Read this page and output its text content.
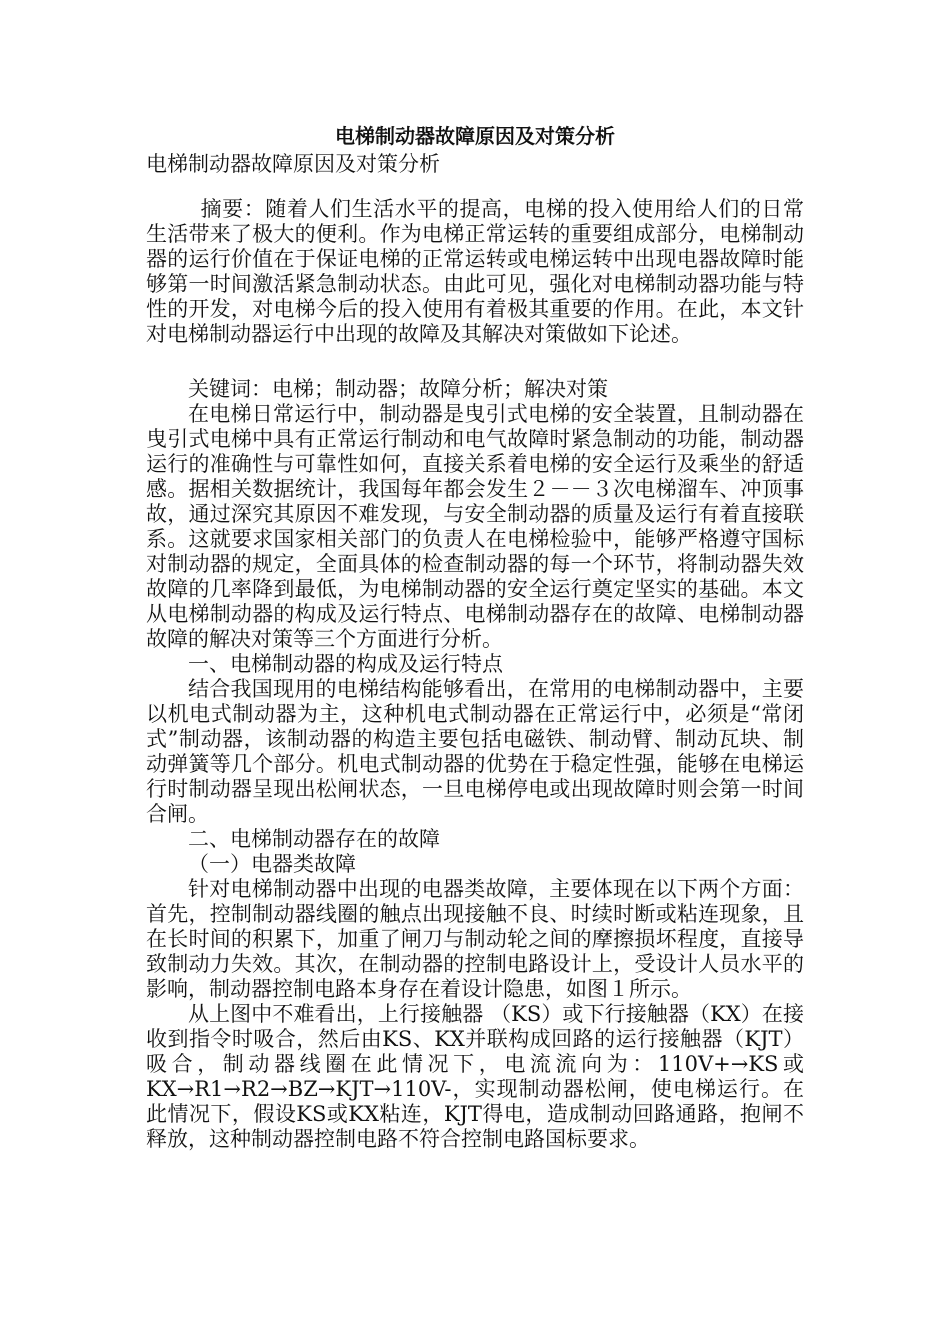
电梯制动器故障原因及对策分析
电梯制动器故障原因及对策分析

摘要：随着人们生活水平的提高，电梯的投入使用给人们的日常生活带来了极大的便利。作为电梯正常运转的重要组成部分，电梯制动器的运行价值在于保证电梯的正常运转或电梯运转中出现电器故障时能够第一时间激活紧急制动状态。由此可见，强化对电梯制动器功能与特性的开发，对电梯今后的投入使用有着极其重要的作用。在此，本文针对电梯制动器运行中出现的故障及其解决对策做如下论述。

关键词：电梯；制动器；故障分析；解决对策

在电梯日常运行中，制动器是曳引式电梯的安全装置，且制动器在曳引式电梯中具有正常运行制动和电气故障时紧急制动的功能，制动器运行的准确性与可靠性如何，直接关系着电梯的安全运行及乘坐的舒适感。据相关数据统计，我国每年都会发生２－－３次电梯溜车、冲顶事故，通过深究其原因不难发现，与安全制动器的质量及运行有着直接联系。这就要求国家相关部门的负责人在电梯检验中，能够严格遵守国标对制动器的规定，全面具体的检查制动器的每一个环节，将制动器失效故障的几率降到最低，为电梯制动器的安全运行奠定坚实的基础。本文从电梯制动器的构成及运行特点、电梯制动器存在的故障、电梯制动器故障的解决对策等三个方面进行分析。

一、电梯制动器的构成及运行特点

结合我国现用的电梯结构能够看出，在常用的电梯制动器中，主要以机电式制动器为主，这种机电式制动器在正常运行中，必须是“常闭式”制动器，该制动器的构造主要包括电磁铁、制动臂、制动瓦块、制动弹簧等几个部分。机电式制动器的优势在于稳定性强，能够在电梯运行时制动器呈现出松闸状态，一旦电梯停电或出现故障时则会第一时间合闸。

二、电梯制动器存在的故障

（一）电器类故障

针对电梯制动器中出现的电器类故障，主要体现在以下两个方面：首先，控制制动器线圈的触点出现接触不良、时续时断或粘连现象，且在长时间的积累下，加重了闸刀与制动轮之间的摩擦损坏程度，直接导致制动力失效。其次，在制动器的控制电路设计上，受设计人员水平的影响，制动器控制电路本身存在着设计隐患，如图１所示。

从上图中不难看出，上行接触器 （KS）或下行接触器（KX）在接收到指令时吸合，然后由KS、KX并联构成回路的运行接触器（KJT）吸合，制动器线圈在此情况下，电流流向为：110V+→KS或KX→R1→R2→BZ→KJT→110V-，实现制动器松闸，使电梯运行。在此情况下，假设KS或KX粘连，KJT得电，造成制动回路通路，抱闸不释放，这种制动器控制电路不符合控制电路国标要求。
